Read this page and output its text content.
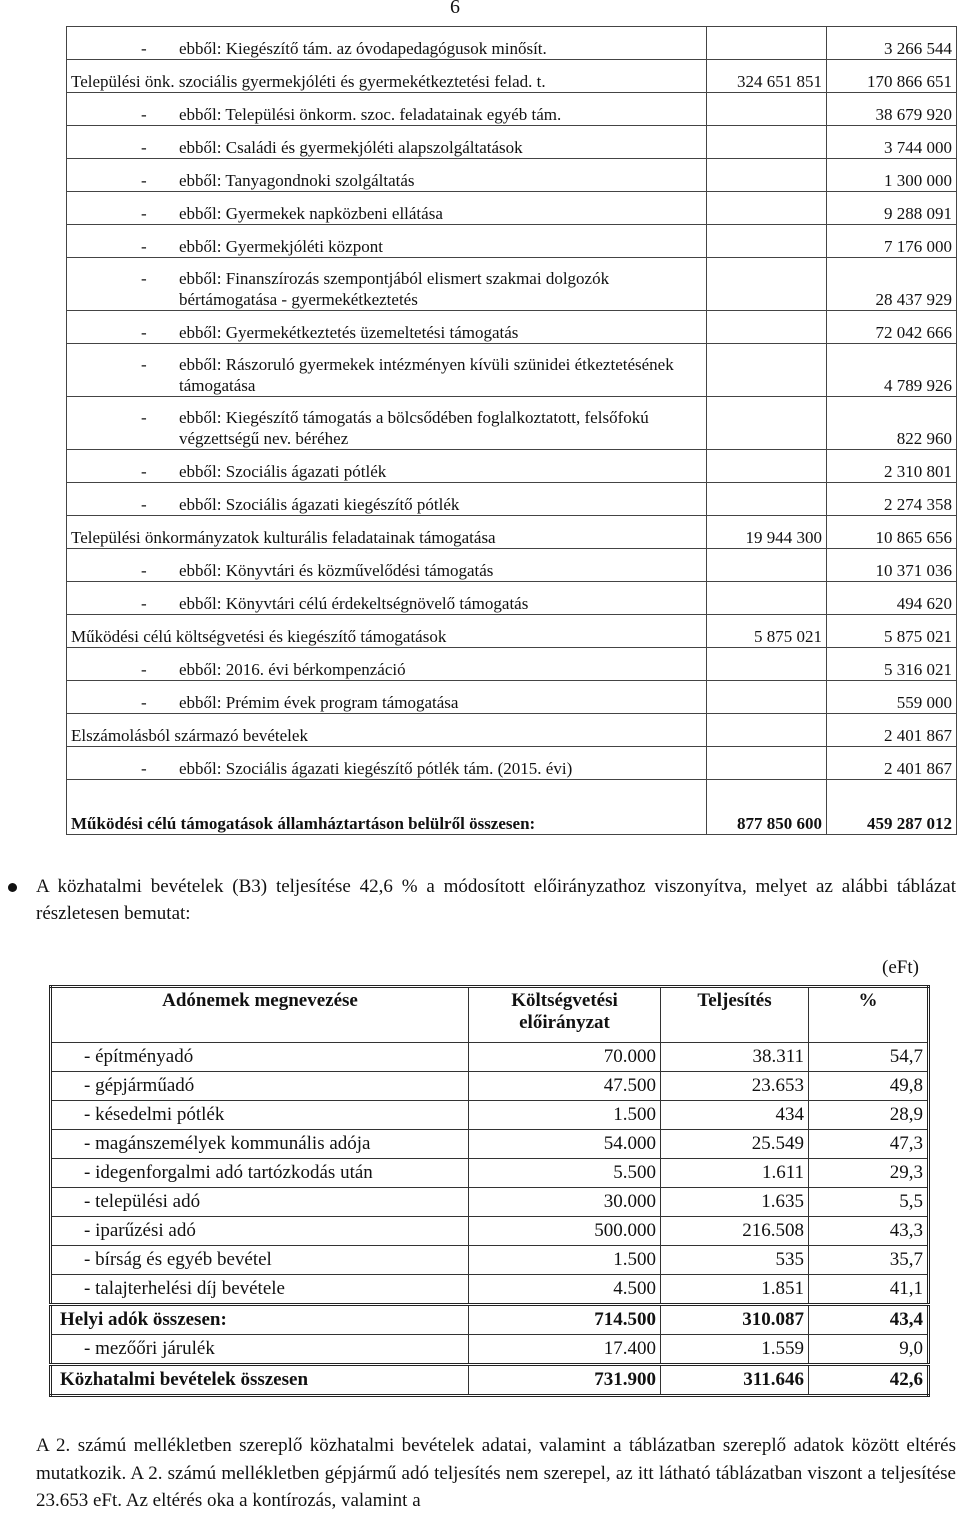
6
- ebből: Kiegészítő tám. az óvodapedagógusok minősít.		3 266 544
Települési önk. szociális gyermekjóléti és gyermekétkeztetési felad. t.	324 651 851	170 866 651

- ebből: Települési önkorm. szoc. feladatainak egyéb tám.		38 679 920

- ebből: Családi és gyermekjóléti alapszolgáltatások		3 744 000

- ebből: Tanyagondnoki szolgáltatás		1 300 000

- ebből: Gyermekek napközbeni ellátása		9 288 091

- ebből: Gyermekjóléti központ		7 176 000

- ebből: Finanszírozás szempontjából elismert szakmai dolgozók bértámogatása - gyermekétkeztetés		28 437 929

- ebből: Gyermekétkeztetés üzemeltetési támogatás		72 042 666

- ebből: Rászoruló gyermekek intézményen kívüli szünidei étkeztetésének támogatása		4 789 926

- ebből: Kiegészítő támogatás a bölcsődében foglalkoztatott, felsőfokú végzettségű nev. béréhez		822 960

- ebből: Szociális ágazati pótlék		2 310 801

- ebből: Szociális ágazati kiegészítő pótlék		2 274 358
Települési önkormányzatok kulturális feladatainak támogatása	19 944 300	10 865 656

- ebből: Könyvtári és közművelődési támogatás		10 371 036

- ebből: Könyvtári célú érdekeltségnövelő támogatás		494 620
Működési célú költségvetési és kiegészítő támogatások	5 875 021	5 875 021

- ebből: 2016. évi bérkompenzáció		5 316 021

- ebből: Prémim évek program támogatása		559 000
Elszámolásból származó bevételek		2 401 867

- ebből: Szociális ágazati kiegészítő pótlék tám. (2015. évi)		2 401 867
Működési célú támogatások államháztartáson belülről összesen:	877 850 600	459 287 012
A közhatalmi bevételek (B3) teljesítése 42,6 % a módosított előirányzathoz viszonyítva, melyet az alábbi táblázat részletesen bemutat:
(eFt)
Adónemek megnevezése	Költségvetési előirányzat	Teljesítés	%
- építményadó	70.000	38.311	54,7
- gépjárműadó	47.500	23.653	49,8
- késedelmi pótlék	1.500	434	28,9
- magánszemélyek kommunális adója	54.000	25.549	47,3
- idegenforgalmi adó tartózkodás után	5.500	1.611	29,3
- települési adó	30.000	1.635	5,5
- iparűzési adó	500.000	216.508	43,3
- bírság és egyéb bevétel	1.500	535	35,7
- talajterhelési díj bevétele	4.500	1.851	41,1
Helyi adók összesen:	714.500	310.087	43,4
- mezőőri járulék	17.400	1.559	9,0
Közhatalmi bevételek összesen	731.900	311.646	42,6
A 2. számú mellékletben szereplő közhatalmi bevételek adatai, valamint a táblázatban szereplő adatok között eltérés mutatkozik. A 2. számú mellékletben gépjármű adó teljesítés nem szerepel, az itt látható táblázatban viszont a teljesítése 23.653 eFt. Az eltérés oka a kontírozás, valamint a
